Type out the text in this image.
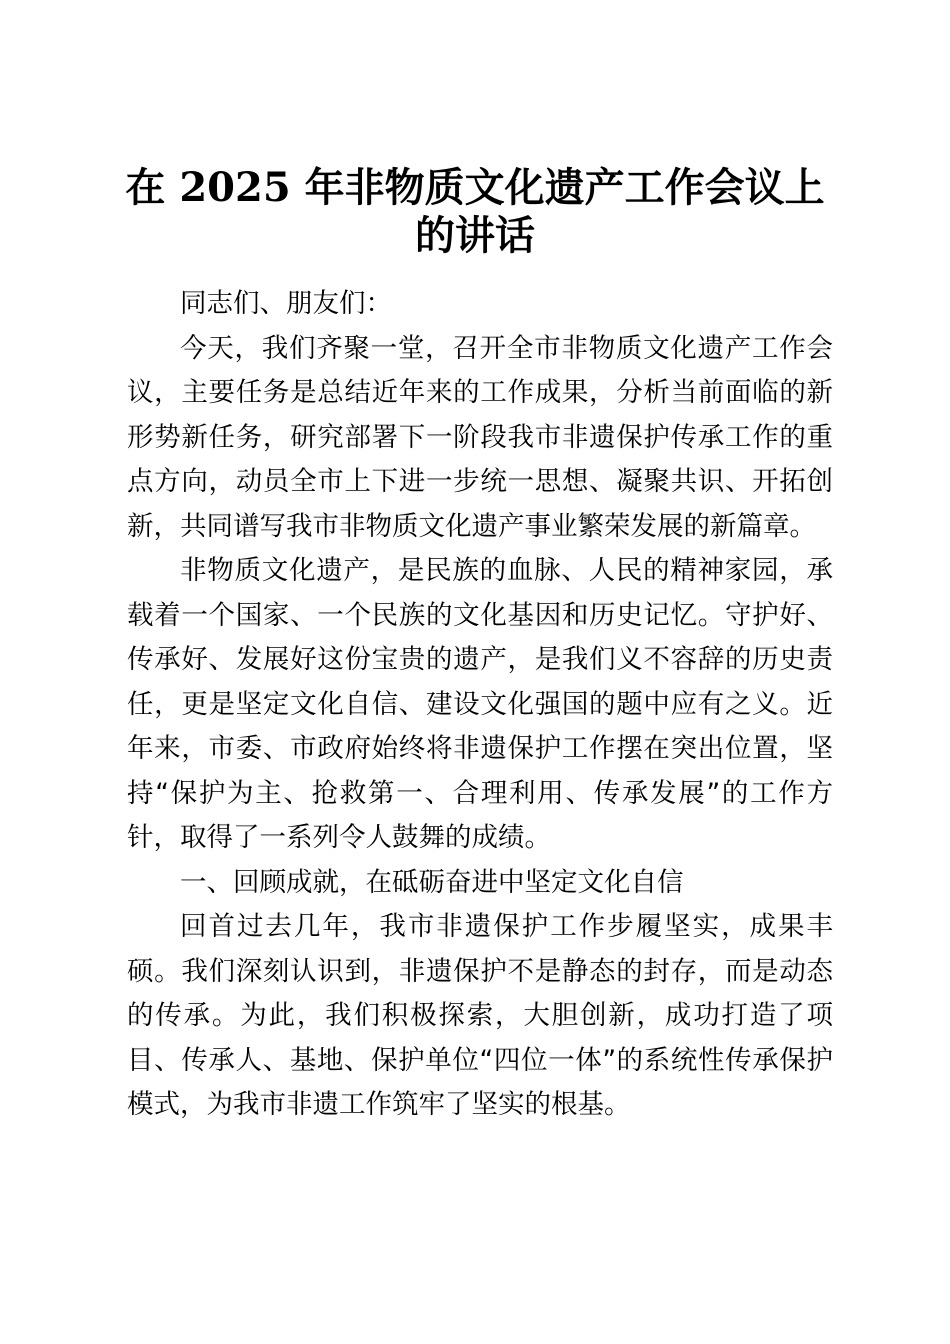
在 2025 年非物质文化遗产工作会议上的讲话

同志们、朋友们：

今天，我们齐聚一堂，召开全市非物质文化遗产工作会议，主要任务是总结近年来的工作成果，分析当前面临的新形势新任务，研究部署下一阶段我市非遗保护传承工作的重点方向，动员全市上下进一步统一思想、凝聚共识、开拓创新，共同谱写我市非物质文化遗产事业繁荣发展的新篇章。

非物质文化遗产，是民族的血脉、人民的精神家园，承载着一个国家、一个民族的文化基因和历史记忆。守护好、传承好、发展好这份宝贵的遗产，是我们义不容辞的历史责任，更是坚定文化自信、建设文化强国的题中应有之义。近年来，市委、市政府始终将非遗保护工作摆在突出位置，坚持“保护为主、抢救第一、合理利用、传承发展”的工作方针，取得了一系列令人鼓舞的成绩。

一、回顾成就，在砥砺奋进中坚定文化自信

回首过去几年，我市非遗保护工作步履坚实，成果丰硕。我们深刻认识到，非遗保护不是静态的封存，而是动态的传承。为此，我们积极探索，大胆创新，成功打造了项目、传承人、基地、保护单位“四位一体”的系统性传承保护模式，为我市非遗工作筑牢了坚实的根基。
